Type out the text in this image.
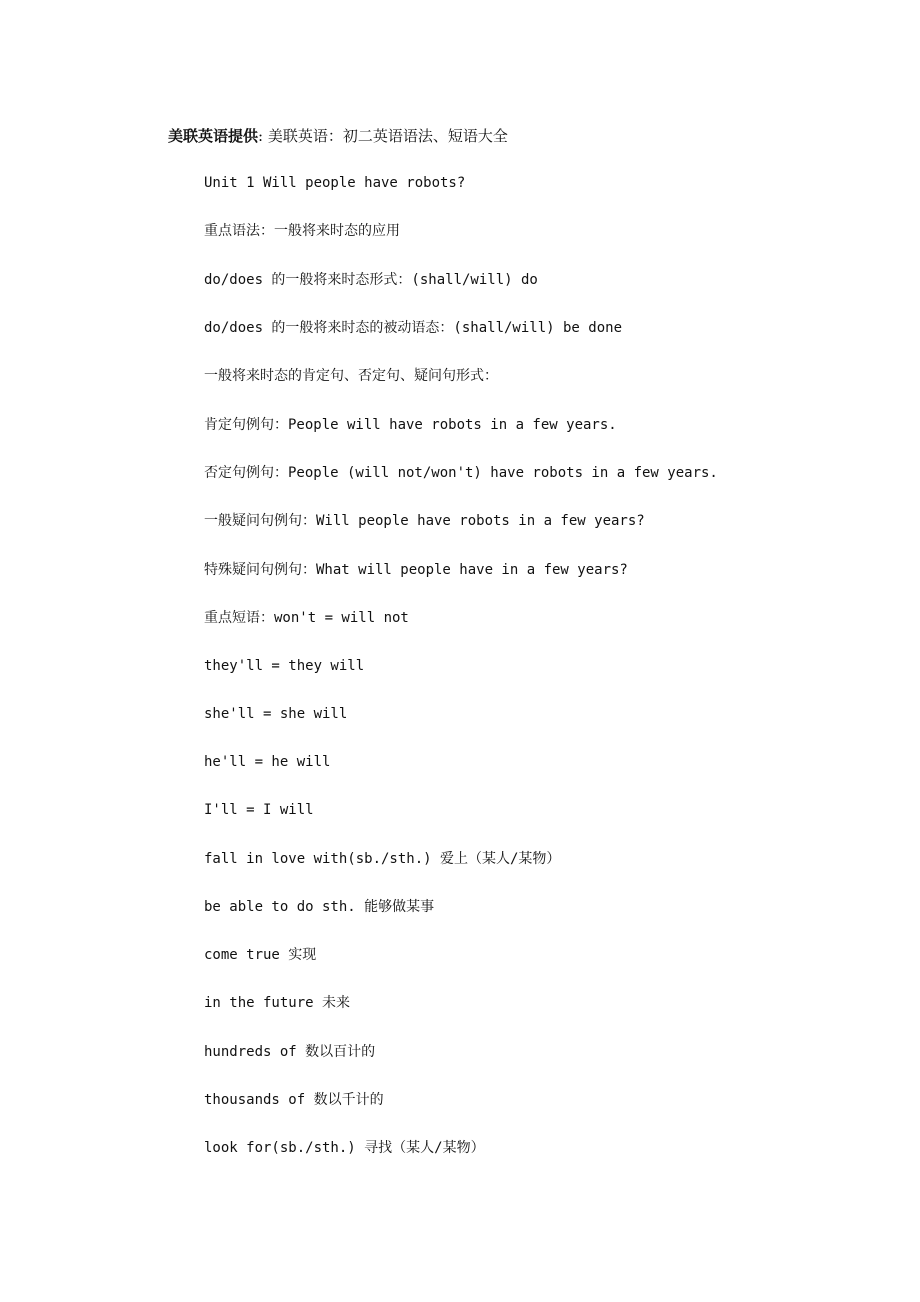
美联英语提供: 美联英语：初二英语语法、短语大全
Unit 1 Will people have robots?
重点语法：一般将来时态的应用
do/does 的一般将来时态形式：(shall/will) do
do/does 的一般将来时态的被动语态：(shall/will) be done
一般将来时态的肯定句、否定句、疑问句形式：
肯定句例句：People will have robots in a few years.
否定句例句：People (will not/won't) have robots in a few years.
一般疑问句例句：Will people have robots in a few years?
特殊疑问句例句：What will people have in a few years?
重点短语：won't = will not
they'll = they will
she'll = she will
he'll = he will
I'll = I will
fall in love with(sb./sth.) 爱上（某人/某物）
be able to do sth. 能够做某事
come true 实现
in the future 未来
hundreds of 数以百计的
thousands of 数以千计的
look for(sb./sth.) 寻找（某人/某物）
